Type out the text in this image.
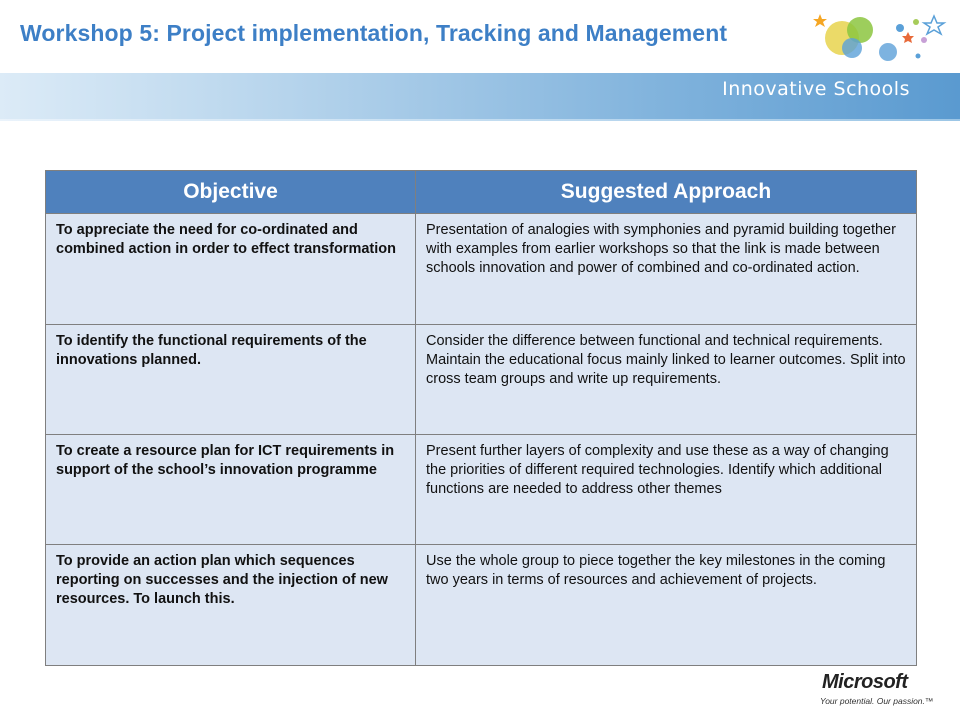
Workshop 5: Project implementation, Tracking and Management
Innovative Schools
Objective	Suggested Approach
To appreciate the need for co-ordinated and combined action in order to effect transformation	Presentation of analogies with symphonies and pyramid building together with examples from earlier workshops so that the link is made between schools innovation and power of combined and co-ordinated action.
To identify the functional requirements of the innovations planned.	Consider the difference between functional and technical requirements. Maintain the educational focus mainly linked to learner outcomes. Split into cross team groups and write up requirements.
To create a resource plan for ICT requirements in support of the school’s innovation programme	Present further layers of complexity and use these as a way of changing the priorities of different required technologies. Identify which additional functions are needed to address other themes
To provide an action plan which sequences reporting on successes and the injection of new resources. To launch this.	Use the whole group to piece together the key milestones in the coming two years in terms of resources and achievement of projects.
Microsoft
Your potential. Our passion.™
